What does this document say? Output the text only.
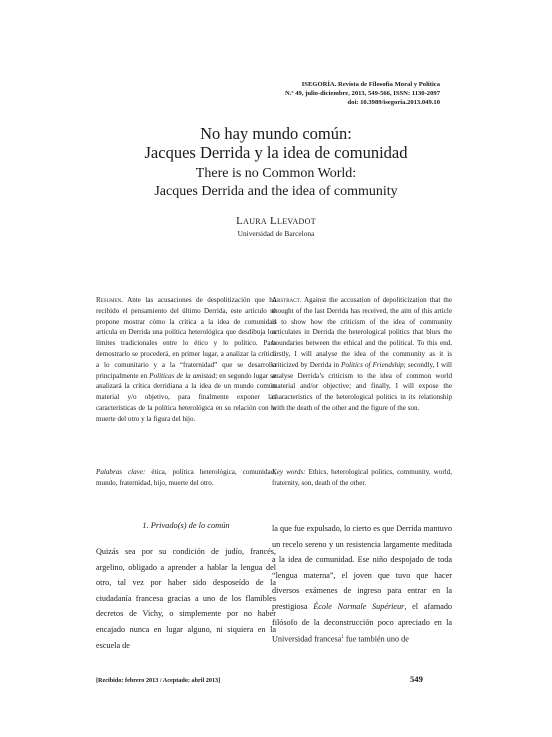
ISEGORÍA. Revista de Filosofía Moral y Política
N.º 49, julio-diciembre, 2013, 549-566, ISSN: 1130-2097
doi: 10.3989/isegoria.2013.049.10
No hay mundo común:
Jacques Derrida y la idea de comunidad
There is no Common World:
Jacques Derrida and the idea of community
Laura Llevadot
Universidad de Barcelona
Resumen. Ante las acusaciones de despolitización que ha recibido el pensamiento del último Derrida, este artículo se propone mostrar cómo la crítica a la idea de comunidad articula en Derrida una política heterológica que desdibuja los límites tradicionales entre lo ético y lo político. Para demostrarlo se procederá, en primer lugar, a analizar la crítica a lo comunitario y a la “fraternidad” que se desarrolla principalmente en Políticas de la amistad; en segundo lugar se analizará la crítica derridiana a la idea de un mundo común material y/o objetivo, para finalmente exponer las características de la política heterológica en su relación con la muerte del otro y la figura del hijo.
Abstract. Against the accusation of depoliticization that the thought of the last Derrida has received, the aim of this article is to show how the criticism of the idea of community articulates in Derrida the heterological politics that blurs the boundaries between the ethical and the political. To this end, firstly, I will analyse the idea of the community as it is criticized by Derrida in Politics of Friendship; secondly, I will analyse Derrida’s criticism to the idea of common world material and/or objective; and finally, I will expose the characteristics of the heterological politics in its relationship with the death of the other and the figure of the son.
Palabras clave: ética, política heterológica, comunidad, mundo, fraternidad, hijo, muerte del otro.
Key words: Ethics, heterological politics, community, world, fraternity, son, death of the other.
1. Privado(s) de lo común
Quizás sea por su condición de judío, francés, argelino, obligado a aprender a hablar la lengua del otro, tal vez por haber sido desposeído de la ciudadanía francesa gracias a uno de los flamíbles decretos de Vichy, o simplemente por no haber encajado nunca en lugar alguno, ni siquiera en la escuela de
la que fue expulsado, lo cierto es que Derrida mantuvo un recelo sereno y un resistencia largamente meditada a la idea de comunidad. Ese niño despojado de toda “lengua materna”, el joven que tuvo que hacer diversos exámenes de ingreso para entrar en la prestigiosa École Normale Supérieur, el afamado filósofo de la deconstrucción poco apreciado en la Universidad francesa$^1$ fue también uno de
[Recibido: febrero 2013 / Aceptado: abril 2013]	549
